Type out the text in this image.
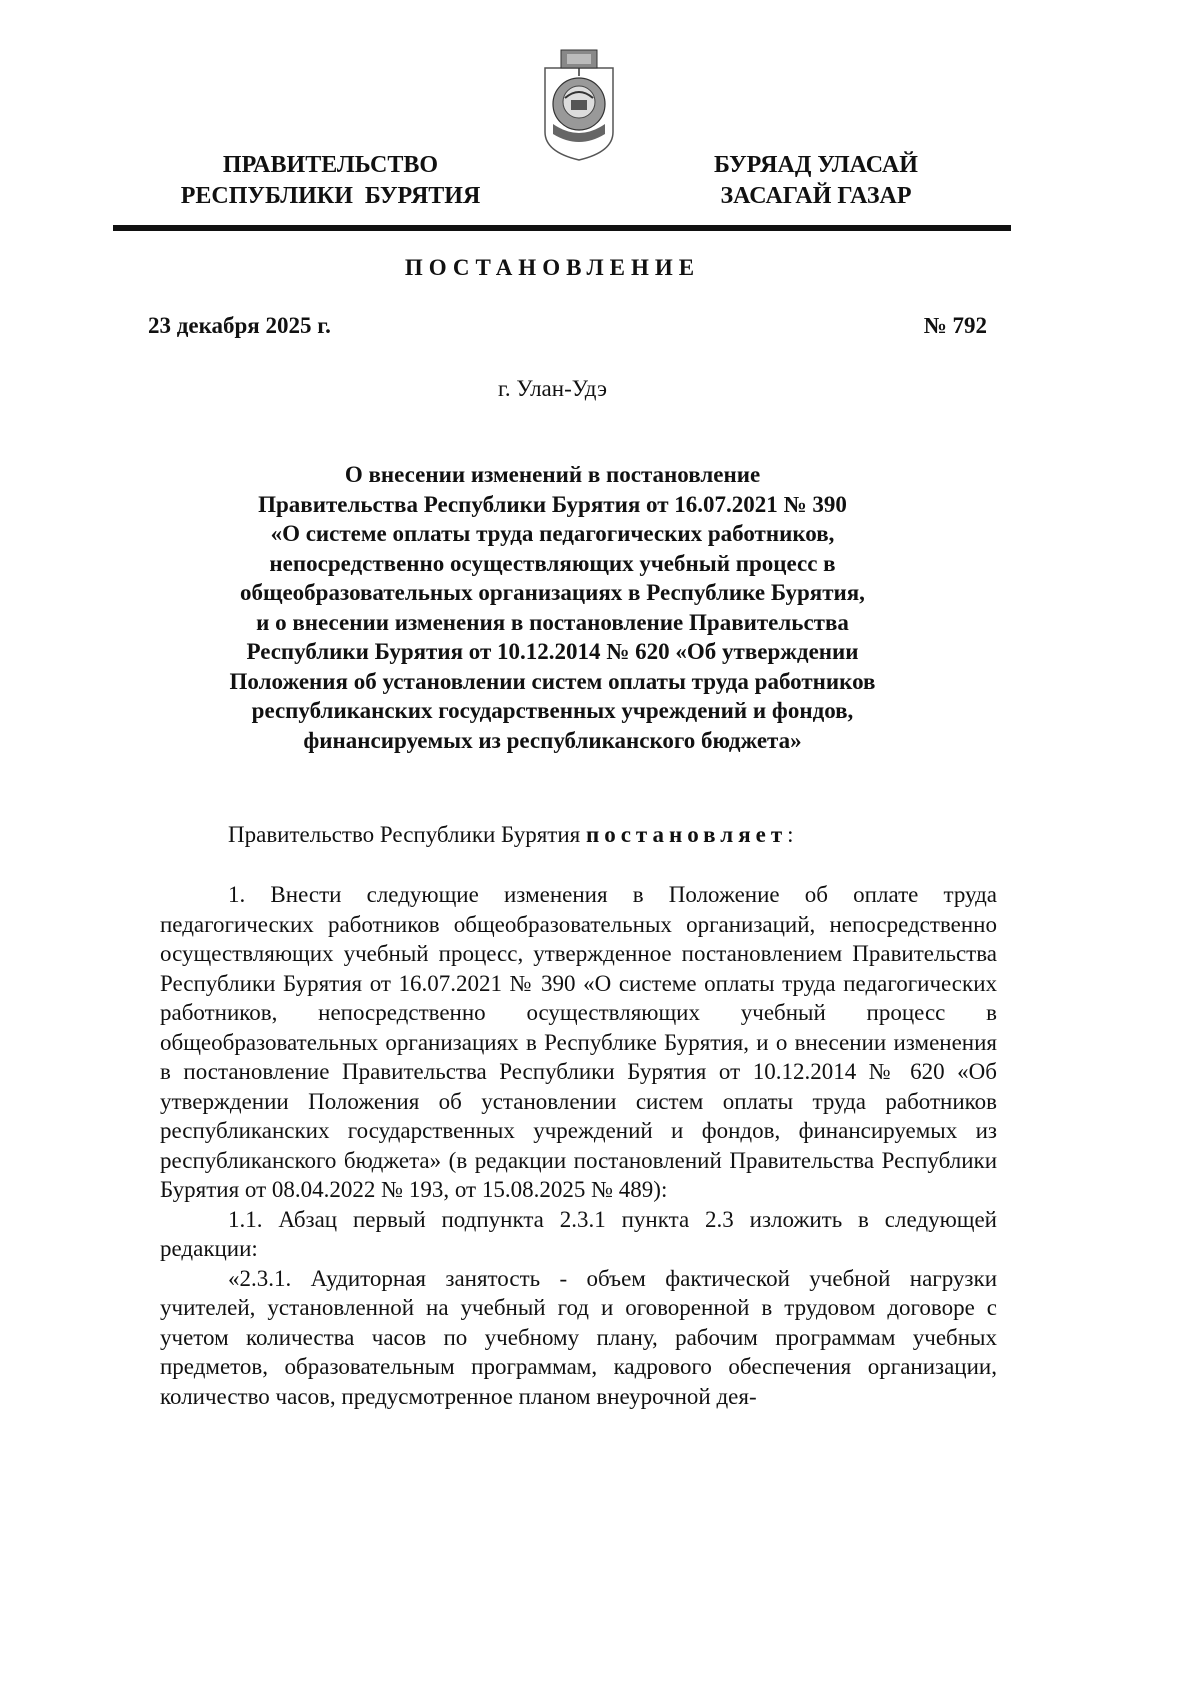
ПРАВИТЕЛЬСТВО
РЕСПУБЛИКИ  БУРЯТИЯ
БУРЯАД УЛАСАЙ
ЗАСАГАЙ ГАЗАР
ПОСТАНОВЛЕНИЕ
23 декабря 2025 г.	№ 792
г. Улан-Удэ
О внесении изменений в постановление
Правительства Республики Бурятия от 16.07.2021 № 390
«О системе оплаты труда педагогических работников,
непосредственно осуществляющих учебный процесс в
общеобразовательных организациях в Республике Бурятия,
и о внесении изменения в постановление Правительства
Республики Бурятия от 10.12.2014 № 620 «Об утверждении
Положения об установлении систем оплаты труда работников
республиканских государственных учреждений и фондов,
финансируемых из республиканского бюджета»

Правительство Республики Бурятия постановляет:

1. Внести следующие изменения в Положение об оплате труда педагогических работников общеобразовательных организаций, непосредственно осуществляющих учебный процесс, утвержденное постановлением Правительства Республики Бурятия от 16.07.2021 № 390 «О системе оплаты труда педагогических работников, непосредственно осуществляющих учебный процесс в общеобразовательных организациях в Республике Бурятия, и о внесении изменения в постановление Правительства Республики Бурятия от 10.12.2014 № 620 «Об утверждении Положения об установлении систем оплаты труда работников республиканских государственных учреждений и фондов, финансируемых из республиканского бюджета» (в редакции постановлений Правительства Республики Бурятия от 08.04.2022 № 193, от 15.08.2025 № 489):

1.1. Абзац первый подпункта 2.3.1 пункта 2.3 изложить в следующей редакции:

«2.3.1. Аудиторная занятость - объем фактической учебной нагрузки учителей, установленной на учебный год и оговоренной в трудовом договоре с учетом количества часов по учебному плану, рабочим программам учебных предметов, образовательным программам, кадрового обеспечения организации, количество часов, предусмотренное планом внеурочной дея-
